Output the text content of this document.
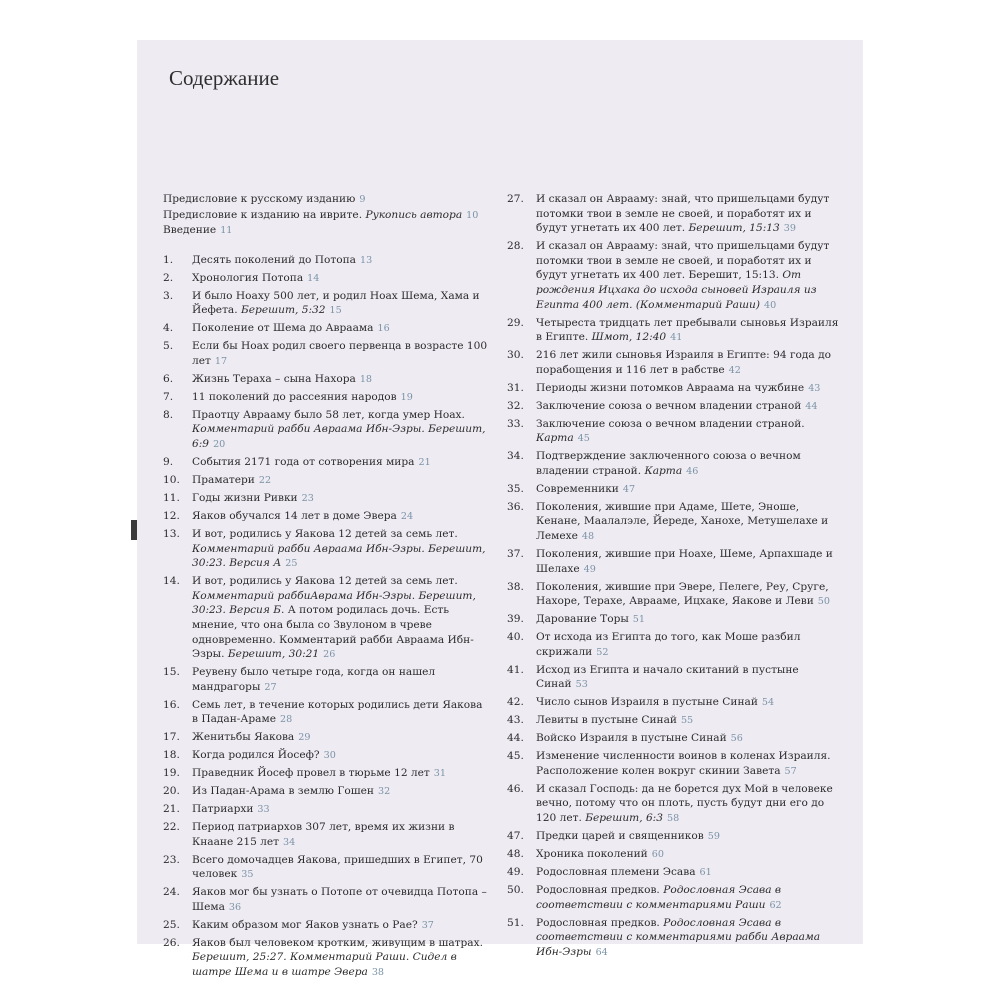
Содержание
Предисловие к русскому изданию 9
Предисловие к изданию на иврите. Рукопись автора 10
Введение 11
1.	Десять поколений до Потопа 13
2.	Хронология Потопа 14
3.	И было Ноаху 500 лет, и родил Ноах Шема, Хама и Йефета. Берешит, 5:32 15
4.	Поколение от Шема до Авраама 16
5.	Если бы Ноах родил своего первенца в возрасте 100 лет 17
6.	Жизнь Тераха – сына Нахора 18
7.	11 поколений до рассеяния народов 19
8.	Праотцу Аврааму было 58 лет, когда умер Ноах. Комментарий рабби Авраама Ибн-Эзры. Берешит, 6:9 20
9.	События 2171 года от сотворения мира 21
10.	Праматери 22
11.	Годы жизни Ривки 23
12.	Яаков обучался 14 лет в доме Эвера 24
13.	И вот, родились у Яакова 12 детей за семь лет. Комментарий рабби Авраама Ибн-Эзры. Берешит, 30:23. Версия А 25
14.	И вот, родились у Яакова 12 детей за семь лет. Комментарий раббиАврама Ибн-Эзры. Берешит, 30:23. Версия Б. А потом родилась дочь. Есть мнение, что она была со Звулоном в чреве одновременно. Комментарий рабби Авраама Ибн-Эзры. Берешит, 30:21 26
15.	Реувену было четыре года, когда он нашел мандрагоры 27
16.	Семь лет, в течение которых родились дети Яакова в Падан-Араме 28
17.	Женитьбы Яакова 29
18.	Когда родился Йосеф? 30
19.	Праведник Йосеф провел в тюрьме 12 лет 31
20.	Из Падан-Арама в землю Гошен 32
21.	Патриархи 33
22.	Период патриархов 307 лет, время их жизни в Кнаане 215 лет 34
23.	Всего домочадцев Яакова, пришедших в Египет, 70 человек 35
24.	Яаков мог бы узнать о Потопе от очевидца Потопа – Шема 36
25.	Каким образом мог Яаков узнать о Рае? 37
26.	Яаков был человеком кротким, живущим в шатрах. Берешит, 25:27. Комментарий Раши. Сидел в шатре Шема и в шатре Эвера 38
27.	И сказал он Аврааму: знай, что пришельцами будут потомки твои в земле не своей, и поработят их и будут угнетать их 400 лет. Берешит, 15:13 39
28.	И сказал он Аврааму: знай, что пришельцами будут потомки твои в земле не своей, и поработят их и будут угнетать их 400 лет. Берешит, 15:13. От рождения Ицхака до исхода сыновей Израиля из Египта 400 лет. (Комментарий Раши) 40
29.	Четыреста тридцать лет пребывали сыновья Израиля в Египте. Шмот, 12:40 41
30.	216 лет жили сыновья Израиля в Египте: 94 года до порабощения и 116 лет в рабстве 42
31.	Периоды жизни потомков Авраама на чужбине 43
32.	Заключение союза о вечном владении страной 44
33.	Заключение союза о вечном владении страной. Карта 45
34.	Подтверждение заключенного союза о вечном владении страной. Карта 46
35.	Современники 47
36.	Поколения, жившие при Адаме, Шете, Эноше, Кенане, Маалалэле, Йереде, Ханохе, Метушелахе и Лемехе 48
37.	Поколения, жившие при Ноахе, Шеме, Арпахшаде и Шелахе 49
38.	Поколения, жившие при Эвере, Пелеге, Реу, Сруге, Нахоре, Терахе, Аврааме, Ицхаке, Яакове и Леви 50
39.	Дарование Торы 51
40.	От исхода из Египта до того, как Моше разбил скрижали 52
41.	Исход из Египта и начало скитаний в пустыне Синай 53
42.	Число сынов Израиля в пустыне Синай 54
43.	Левиты в пустыне Синай 55
44.	Войско Израиля в пустыне Синай 56
45.	Изменение численности воинов в коленах Израиля. Расположение колен вокруг скинии Завета 57
46.	И сказал Господь: да не борется дух Мой в человеке вечно, потому что он плоть, пусть будут дни его до 120 лет. Берешит, 6:3 58
47.	Предки царей и священников 59
48.	Хроника поколений 60
49.	Родословная племени Эсава 61
50.	Родословная предков. Родословная Эсава в соответствии с комментариями Раши 62
51.	Родословная предков. Родословная Эсава в соответствии с комментариями рабби Авраама Ибн-Эзры 64
